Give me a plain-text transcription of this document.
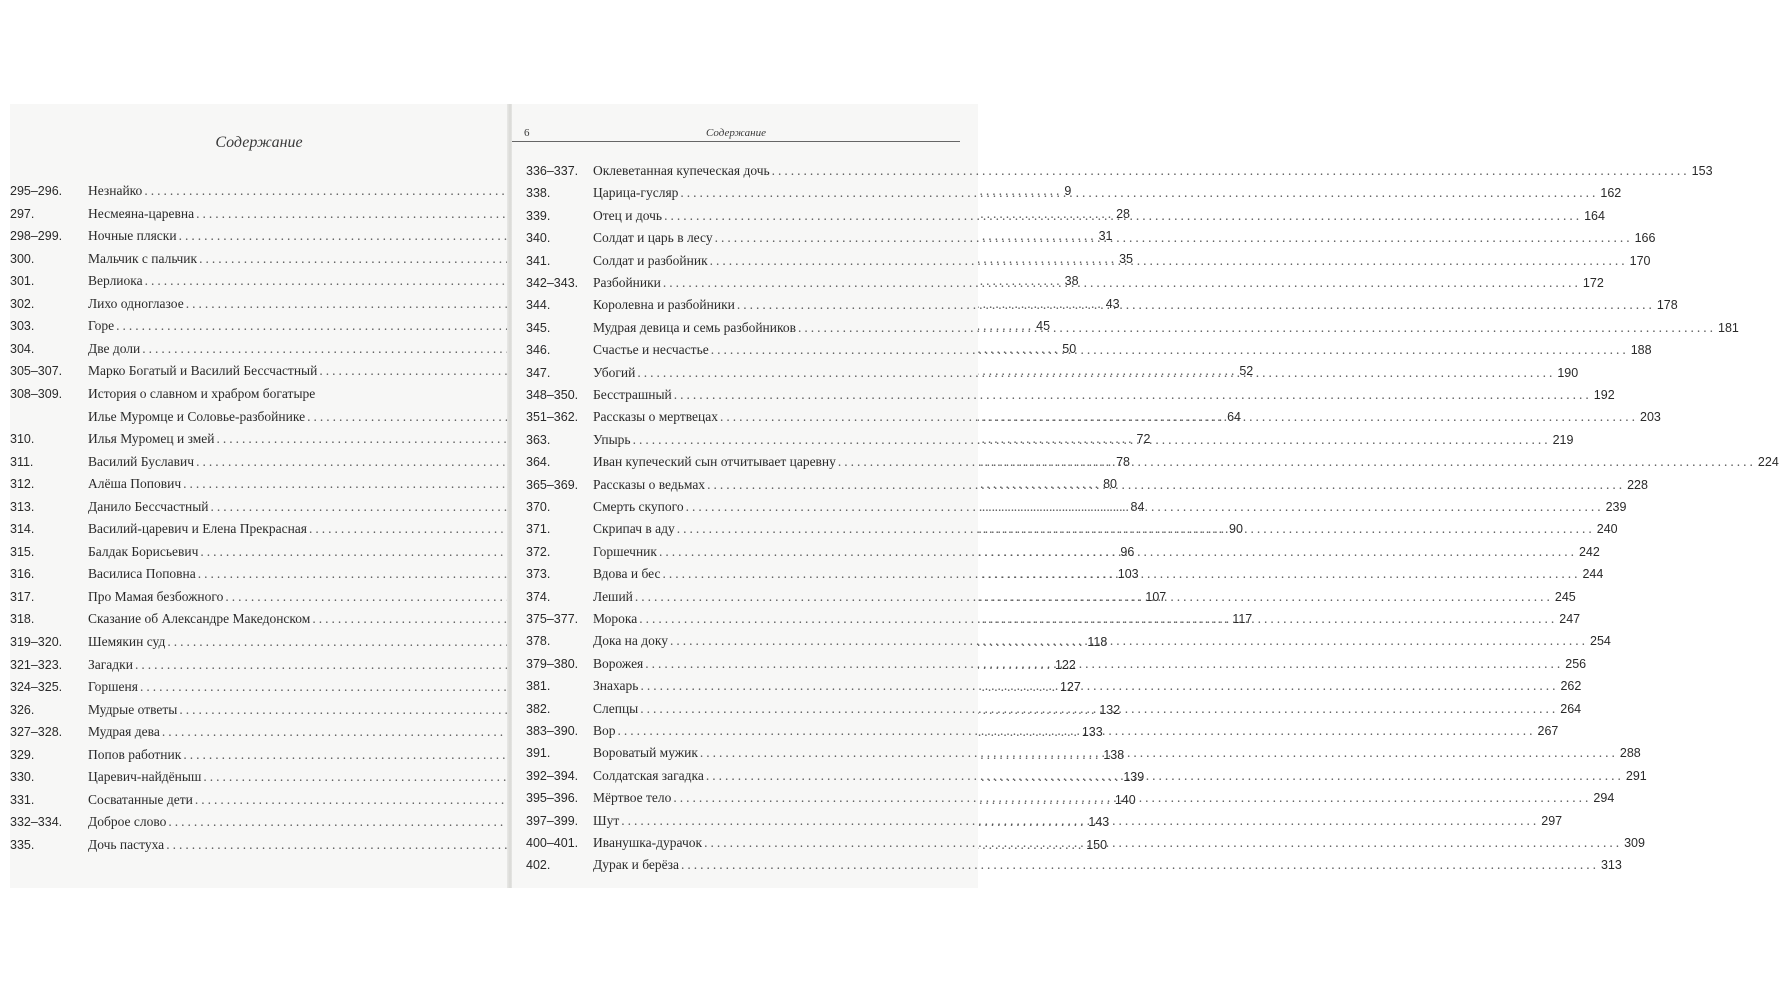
Содержание
295–296. Незнайко .....	9
297.	Несмеяна-царевна .....	28
298–299. Ночные пляски .....	31
300.	Мальчик с пальчик .....	35
301.	Верлиока .....	38
302.	Лихо одноглазое .....	43
303.	Горе .....	45
304.	Две доли .....	50
305–307. Марко Богатый и Василий Бессчастный .....	52
308–309. История о славном и храбром богатыре
Илье Муромце и Соловье-разбойнике .....	64
310.	Илья Муромец и змей .....	72
311.	Василий Буславич .....	78
312.	Алёша Попович .....	80
313.	Данило Бессчастный .....	84
314.	Василий-царевич и Елена Прекрасная .....	90
315.	Балдак Борисьевич .....	96
316.	Василиса Поповна .....	103
317.	Про Мамая безбожного .....	107
318.	Сказание об Александре Македонском .....	117
319–320. Шемякин суд .....	118
321–323. Загадки .....	122
324–325. Горшеня .....	127
326.	Мудрые ответы .....	132
327–328. Мудрая дева .....	133
329.	Попов работник .....	138
330.	Царевич-найдёныш .....	139
331.	Сосватанные дети .....	140
332–334. Доброе слово .....	143
335.	Дочь пастуха .....	150
6	Содержание
336–337. Оклеветанная купеческая дочь .....	153
338.	Царица-гусляр .....	162
339.	Отец и дочь .....	164
340.	Солдат и царь в лесу .....	166
341.	Солдат и разбойник .....	170
342–343. Разбойники .....	172
344.	Королевна и разбойники .....	178
345.	Мудрая девица и семь разбойников .....	181
346.	Счастье и несчастье .....	188
347.	Убогий .....	190
348–350. Бесстрашный .....	192
351–362. Рассказы о мертвецах .....	203
363.	Упырь .....	219
364.	Иван купеческий сын отчитывает царевну .....	224
365–369. Рассказы о ведьмах .....	228
370.	Смерть скупого .....	239
371.	Скрипач в аду .....	240
372.	Горшечник .....	242
373.	Вдова и бес .....	244
374.	Леший .....	245
375–377. Морока .....	247
378.	Дока на доку .....	254
379–380. Ворожея .....	256
381.	Знахарь .....	262
382.	Слепцы .....	264
383–390. Вор .....	267
391.	Вороватый мужик .....	288
392–394. Солдатская загадка .....	291
395–396. Мёртвое тело .....	294
397–399. Шут .....	297
400–401. Иванушка-дурачок .....	309
402.	Дурак и берёза .....	313
